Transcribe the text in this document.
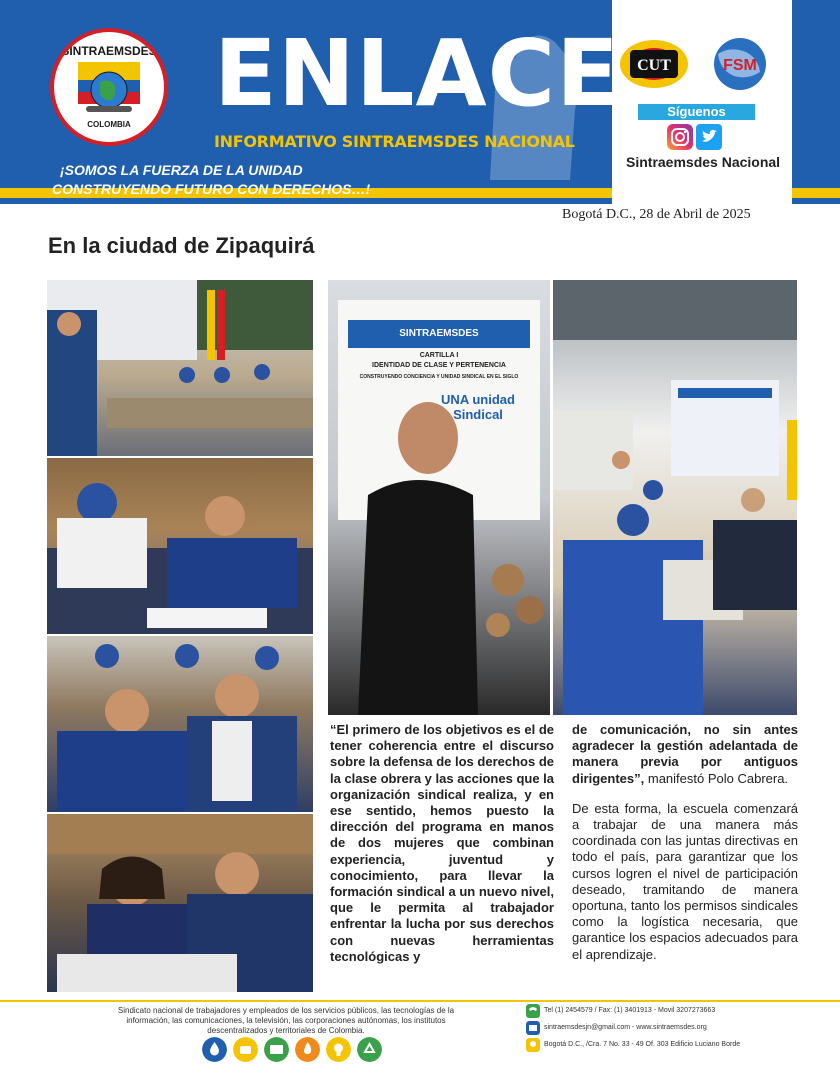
SINTRAEMSDES
COLOMBIA ENLACE
INFORMATIVO SINTRAEMSDES NACIONAL
¡SOMOS LA FUERZA DE LA UNIDAD
CONSTRUYENDO FUTURO CON DERECHOS…!
CUT	FSM
Síguenos
Sintraemsdes Nacional
Bogotá D.C., 28 de Abril de 2025
En la ciudad de Zipaquirá
SINTRAEMSDES
CARTILLA I
IDENTIDAD DE CLASE Y PERTENENCIA
CONSTRUYENDO CONCIENCIA Y UNIDAD SINDICAL EN EL SIGLO
UNA unidad Sindical
“El primero de los objetivos es el de tener coherencia entre el discurso sobre la defensa de los derechos de la clase obrera y las acciones que la organización sindical realiza, y en ese sentido, hemos puesto la dirección del programa en manos de dos mujeres que combinan experiencia, juventud y conocimiento, para llevar la formación sindical a un nuevo nivel, que le permita al trabajador enfrentar la lucha por sus derechos con nuevas herramientas tecnológicas y
de comunicación, no sin antes agradecer la gestión adelantada de manera previa por antiguos dirigentes”, manifestó Polo Cabrera.
De esta forma, la escuela comenzará a trabajar de una manera más coordinada con las juntas directivas en todo el país, para garantizar que los cursos logren el nivel de participación deseado, tramitando de manera oportuna, tanto los permisos sindicales como la logística necesaria, que garantice los espacios adecuados para el aprendizaje.
Sindicato nacional de trabajadores y empleados de los servicios públicos, las tecnologías de la información, las comunicaciones, la televisión, las corporaciones autónomas, los institutos descentralizados y territoriales de Colombia.
Tel (1) 2454579 / Fax: (1) 3401913 - Movil 3207273663
sintraemsdesjn@gmail.com - www.sintraemsdes.org
Bogotá D.C., /Cra. 7 No. 33 - 49 Of. 303 Edificio Luciano Borde
